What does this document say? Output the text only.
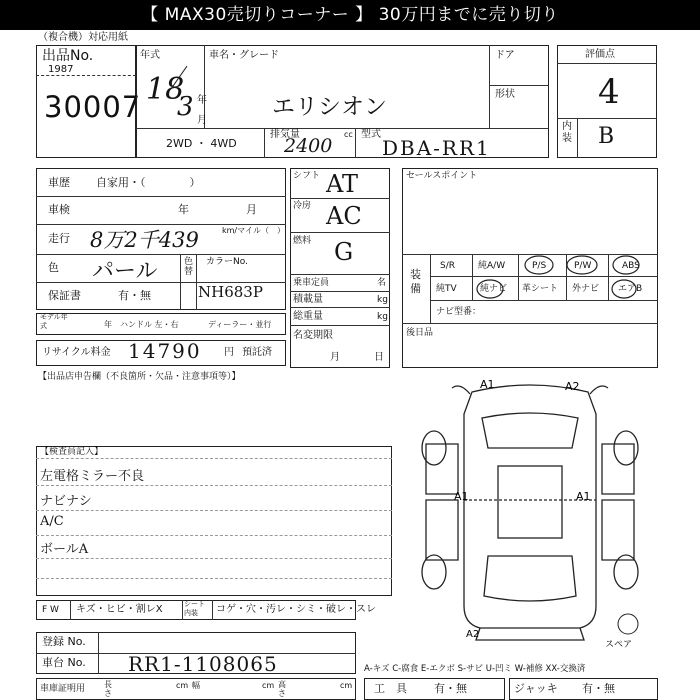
【 MAX30売切りコーナー 】 30万円までに売り切り
（複合機）対応用紙
出品No.
1987
30007
年式
18
3 年
月
車名・グレード
エリシオン
ドア
形状
2WD ・ 4WD
排気量
2400
cc 型式
DBA-RR1
評価点
4
内装 B
車歴 自家用・（　　　　）
車検	年	月
走行 8万2千439	km/マイル（　）
色 パール	色替
カラーNo.
NH683P
保証書	有・無
モデル年式	年 ハンドル 左・右	ディーラー・並行
リサイクル料金 14790 円 預託済
シフト AT
冷房 AC
燃料 G
乗車定員	名
積載量	kg
総重量	kg
名変期限
月	日
セールスポイント
装備
S/R	純A/W	P/S	P/W	ABS
純TV	純ナビ 革シート 外ナビ エアB
ナビ型番：
後日品
【出品店申告欄（不良箇所・欠品・注意事項等）】
【検査員記入】
左電格ミラー不良
ナビナシ
A/C
ボールA
A1	A2
A1	A1
A2
スペア
F W キズ・ヒビ・割レX	シート内装	コゲ・穴・汚レ・シミ・破レ・スレ
登録 No.
車台 No. RR1-1108065	A-キズ C-腐食 E-エクボ S-サビ U-凹ミ W-補修 XX-交換済
車庫証明用 長さ
cm 幅	cm 高さ
cm 工　具 有・無	ジャッキ 有・無
